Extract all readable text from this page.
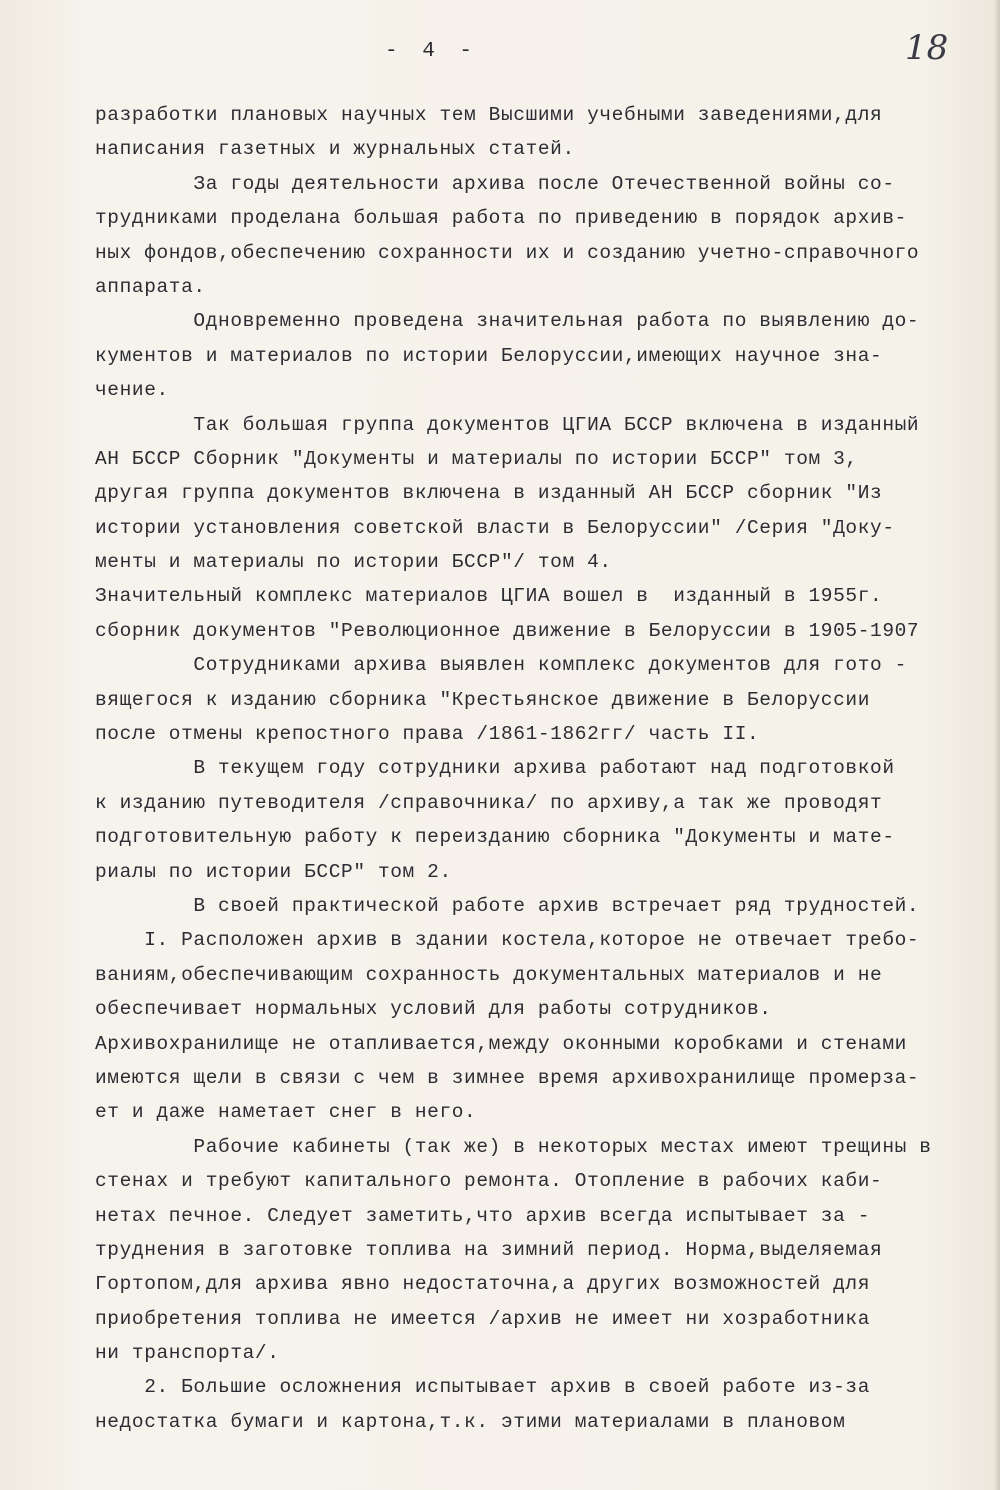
- 4 -	18
разработки плановых научных тем Высшими учебными заведениями,для
написания газетных и журнальных статей.
За годы деятельности архива после Отечественной войны со-
трудниками проделана большая работа по приведению в порядок архив-
ных фондов,обеспечению сохранности их и созданию учетно-справочного
аппарата.
Одновременно проведена значительная работа по выявлению до-
кументов и материалов по истории Белоруссии,имеющих научное зна-
чение.
Так большая группа документов ЦГИА БССР включена в изданный
АН БССР Сборник "Документы и материалы по истории БССР" том 3,
другая группа документов включена в изданный АН БССР сборник "Из
истории установления советской власти в Белоруссии" /Серия "Доку-
менты и материалы по истории БССР"/ том 4.
Значительный комплекс материалов ЦГИА вошел в  изданный в 1955г.
сборник документов "Революционное движение в Белоруссии в 1905-1907
Сотрудниками архива выявлен комплекс документов для гото -
вящегося к изданию сборника "Крестьянское движение в Белоруссии
после отмены крепостного права /1861-1862гг/ часть II.
В текущем году сотрудники архива работают над подготовкой
к изданию путеводителя /справочника/ по архиву,а так же проводят
подготовительную работу к переизданию сборника "Документы и мате-
риалы по истории БССР" том 2.
В своей практической работе архив встречает ряд трудностей.
I. Расположен архив в здании костела,которое не отвечает требо-
ваниям,обеспечивающим сохранность документальных материалов и не
обеспечивает нормальных условий для работы сотрудников.
Архивохранилище не отапливается,между оконными коробками и стенами
имеются щели в связи с чем в зимнее время архивохранилище промерза-
ет и даже наметает снег в него.
Рабочие кабинеты (так же) в некоторых местах имеют трещины в
стенах и требуют капитального ремонта. Отопление в рабочих каби-
нетах печное. Следует заметить,что архив всегда испытывает за -
труднения в заготовке топлива на зимний период. Норма,выделяемая
Гортопом,для архива явно недостаточна,а других возможностей для
приобретения топлива не имеется /архив не имеет ни хозработника
ни транспорта/.
2. Большие осложнения испытывает архив в своей работе из-за
недостатка бумаги и картона,т.к. этими материалами в плановом
